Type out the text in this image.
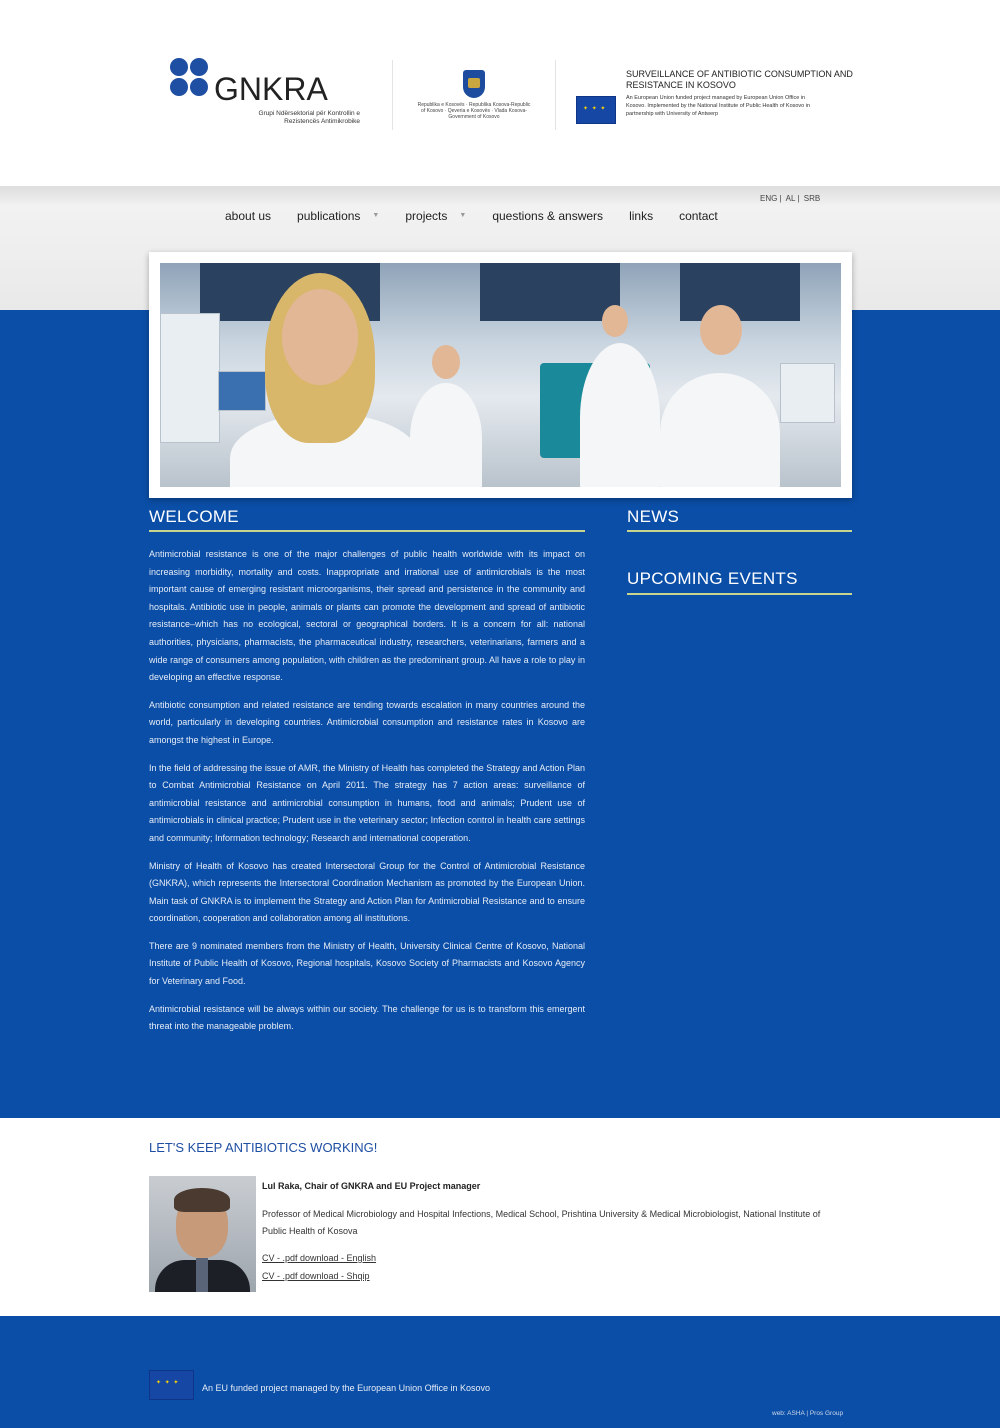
GNKRA
Grupi Ndërsektorial për Kontrollin e Rezistencës Antimikrobike
Republika e Kosovës · Republika Kosova-Republic of Kosovo · Qeveria e Kosovës · Vlada Kosova-Government of Kosovo
✦ ✦ ✦
SURVEILLANCE OF ANTIBIOTIC CONSUMPTION AND RESISTANCE IN KOSOVO
An European Union funded project managed by European Union Office in Kosovo. Implemented by the National Institute of Public Health of Kosovo in partnership with University of Antwerp
ENG | AL | SRB
about us publications ▼ projects ▼ questions & answers links contact
WELCOME

Antimicrobial resistance is one of the major challenges of public health worldwide with its impact on increasing morbidity, mortality and costs. Inappropriate and irrational use of antimicrobials is the most important cause of emerging resistant microorganisms, their spread and persistence in the community and hospitals. Antibiotic use in people, animals or plants can promote the development and spread of antibiotic resistance–which has no ecological, sectoral or geographical borders. It is a concern for all: national authorities, physicians, pharmacists, the pharmaceutical industry, researchers, veterinarians, farmers and a wide range of consumers among population, with children as the predominant group. All have a role to play in developing an effective response.

Antibiotic consumption and related resistance are tending towards escalation in many countries around the world, particularly in developing countries. Antimicrobial consumption and resistance rates in Kosovo are amongst the highest in Europe.

In the field of addressing the issue of AMR, the Ministry of Health has completed the Strategy and Action Plan to Combat Antimicrobial Resistance on April 2011. The strategy has 7 action areas: surveillance of antimicrobial resistance and antimicrobial consumption in humans, food and animals; Prudent use of antimicrobials in clinical practice; Prudent use in the veterinary sector; Infection control in health care settings and community; Information technology; Research and international cooperation.

Ministry of Health of Kosovo has created Intersectoral Group for the Control of Antimicrobial Resistance (GNKRA), which represents the Intersectoral Coordination Mechanism as promoted by the European Union. Main task of GNKRA is to implement the Strategy and Action Plan for Antimicrobial Resistance and to ensure coordination, cooperation and collaboration among all institutions.

There are 9 nominated members from the Ministry of Health, University Clinical Centre of Kosovo, National Institute of Public Health of Kosovo, Regional hospitals, Kosovo Society of Pharmacists and Kosovo Agency for Veterinary and Food.

Antimicrobial resistance will be always within our society. The challenge for us is to transform this emergent threat into the manageable problem.

NEWS
UPCOMING EVENTS
LET'S KEEP ANTIBIOTICS WORKING!
Lul Raka, Chair of GNKRA and EU Project manager
Professor of Medical Microbiology and Hospital Infections, Medical School, Prishtina University & Medical Microbiologist, National Institute of Public Health of Kosova
CV - .pdf download - English
CV - .pdf download - Shqip
✦ ✦ ✦
An EU funded project managed by the European Union Office in Kosovo
web: ASHA | Pros Group
